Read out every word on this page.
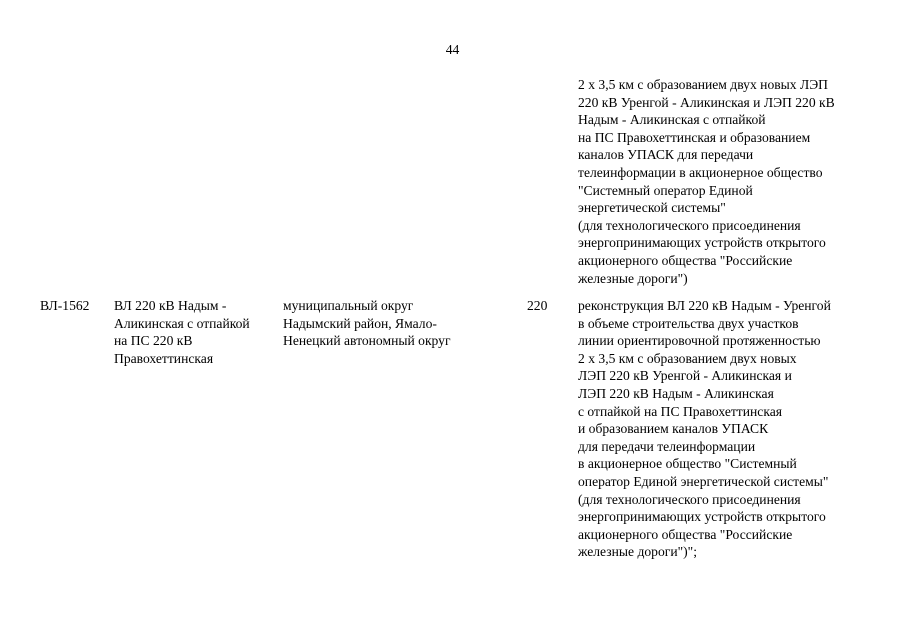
44
2 х 3,5 км с образованием двух новых ЛЭП
220 кВ Уренгой - Аликинская и ЛЭП 220 кВ
Надым - Аликинская с отпайкой
на ПС Правохеттинская и образованием
каналов УПАСК для передачи
телеинформации в акционерное общество
"Системный оператор Единой
энергетической системы"
(для технологического присоединения
энергопринимающих устройств открытого
акционерного общества "Российские
железные дороги")
ВЛ-1562 ВЛ 220 кВ Надым -
Аликинская с отпайкой
на ПС 220 кВ
Правохеттинская
муниципальный округ
Надымский район, Ямало-
Ненецкий автономный округ
220 реконструкция ВЛ 220 кВ Надым - Уренгой
в объеме строительства двух участков
линии ориентировочной протяженностью
2 х 3,5 км с образованием двух новых
ЛЭП 220 кВ Уренгой - Аликинская и
ЛЭП 220 кВ Надым - Аликинская
с отпайкой на ПС Правохеттинская
и образованием каналов УПАСК
для передачи телеинформации
в акционерное общество "Системный
оператор Единой энергетической системы"
(для технологического присоединения
энергопринимающих устройств открытого
акционерного общества "Российские
железные дороги")";
